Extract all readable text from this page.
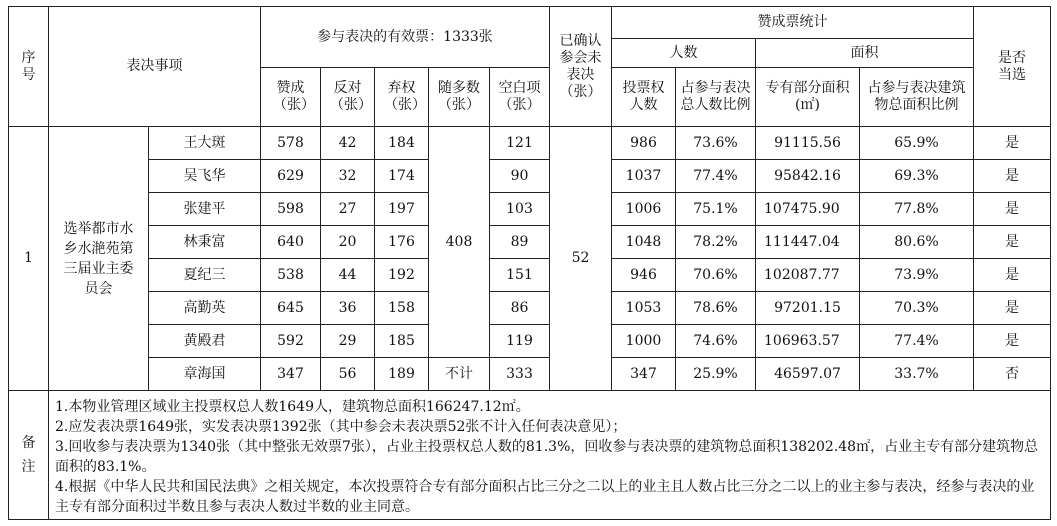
序号	表决事项		参与表决的有效票：1333张					已确认参会未表决（张）	赞成票统计				是否当选
									人数		面积		
			赞成（张）	反对（张）	弃权（张）	随多数（张）	空白项（张）		投票权人数	占参与表决总人数比例	专有部分面积(㎡)	占参与表决建筑物总面积比例	
1	选举都市水乡水滟苑第三届业主委员会	王大斑	578	42	184	408	121	52	986	73.6%	91115.56	65.9%	是
		吴飞华	629	32	174		90		1037	77.4%	95842.16	69.3%	是
		张建平	598	27	197		103		1006	75.1%	107475.90	77.8%	是
		林秉富	640	20	176		89		1048	78.2%	111447.04	80.6%	是
		夏纪三	538	44	192		151		946	70.6%	102087.77	73.9%	是
		高勤英	645	36	158		86		1053	78.6%	97201.15	70.3%	是
		黄殿君	592	29	185		119		1000	74.6%	106963.57	77.4%	是
		章海国	347	56	189	不计	333		347	25.9%	46597.07	33.7%	否
备注	1.本物业管理区域业主投票权总人数1649人，建筑物总面积166247.12㎡。
2.应发表决票1649张，实发表决票1392张（其中参会未表决票52张不计入任何表决意见）；
3.回收参与表决票为1340张（其中整张无效票7张），占业主投票权总人数的81.3%，回收参与表决票的建筑物总面积138202.48㎡，占业主专有部分建筑物总面积的83.1%。
4.根据《中华人民共和国民法典》之相关规定，本次投票符合专有部分面积占比三分之二以上的业主且人数占比三分之二以上的业主参与表决，经参与表决的业主专有部分面积过半数且参与表决人数过半数的业主同意。												
